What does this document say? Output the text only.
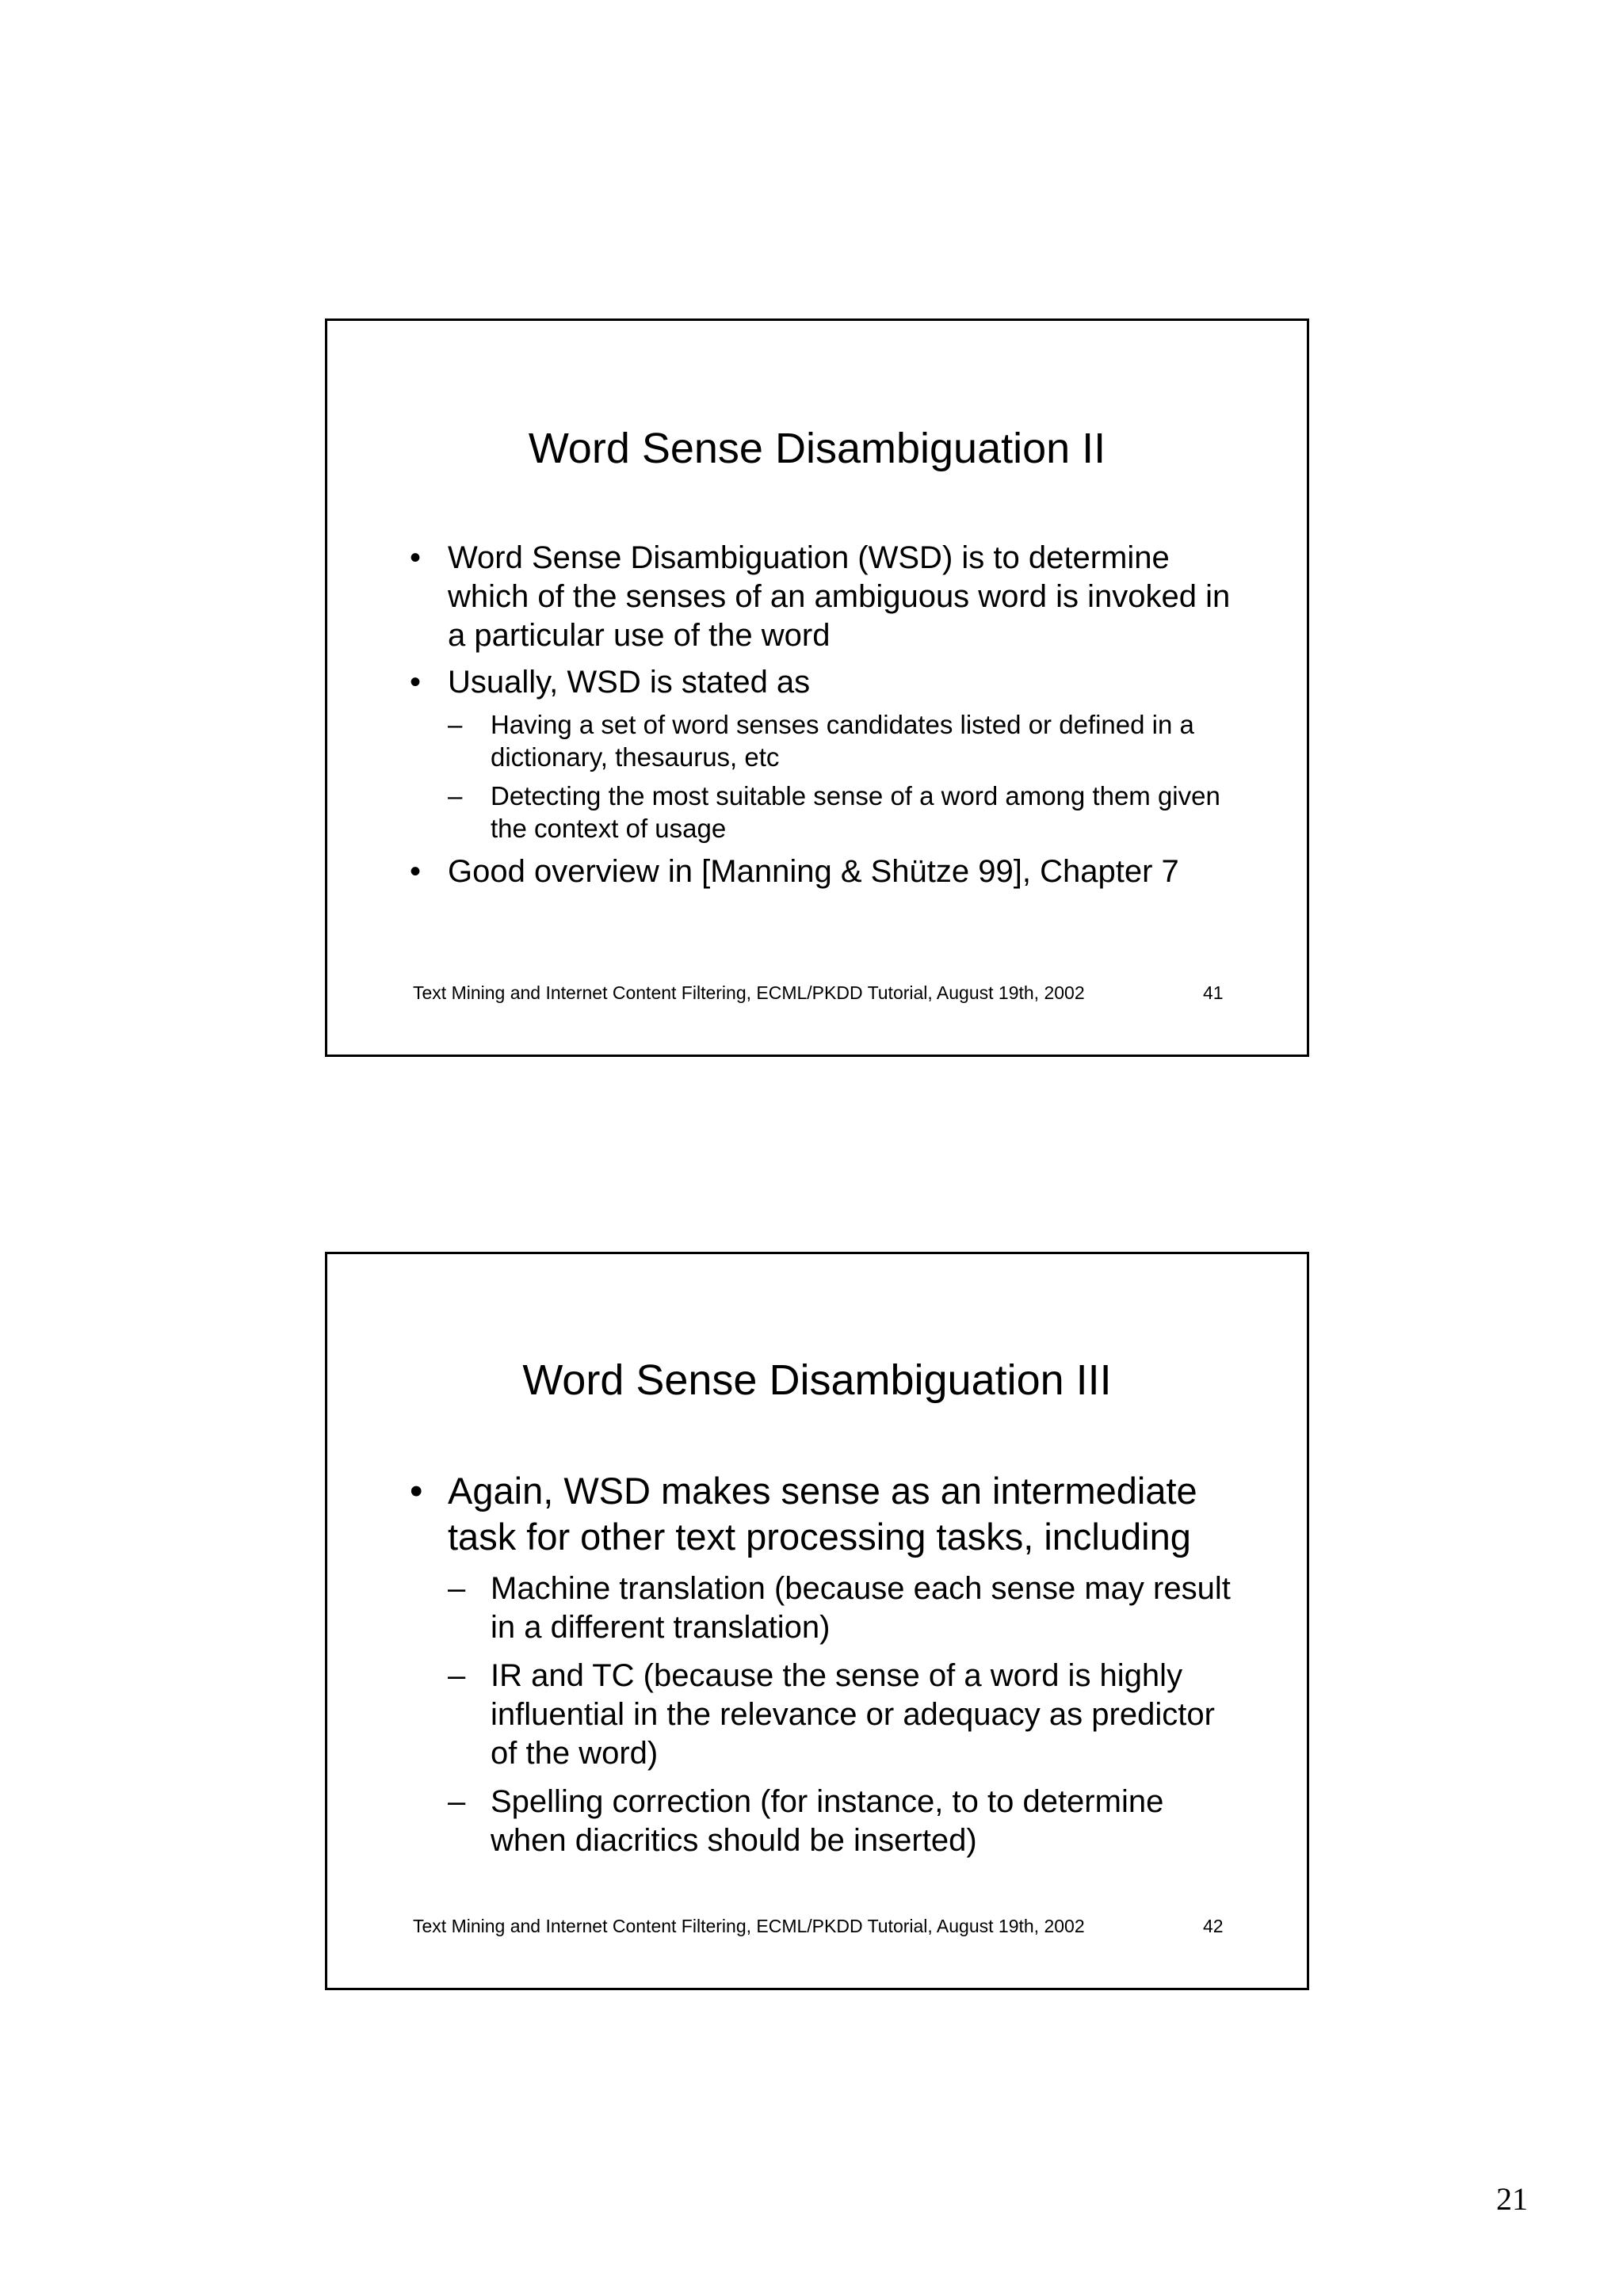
Word Sense Disambiguation II
• Word Sense Disambiguation (WSD) is to determine which of the senses of an ambiguous word is invoked in a particular use of the word
• Usually, WSD is stated as
– Having a set of word senses candidates listed or defined in a dictionary, thesaurus, etc
– Detecting the most suitable sense of a word among them given the context of usage
• Good overview in [Manning & Shütze 99], Chapter 7
Text Mining and Internet Content Filtering, ECML/PKDD Tutorial, August 19th, 2002	41
Word Sense Disambiguation III
• Again, WSD makes sense as an intermediate task for other text processing tasks, including
– Machine translation (because each sense may result in a different translation)
– IR and TC (because the sense of a word is highly influential in the relevance or adequacy as predictor of the word)
– Spelling correction (for instance, to to determine when diacritics should be inserted)
Text Mining and Internet Content Filtering, ECML/PKDD Tutorial, August 19th, 2002	42
21
